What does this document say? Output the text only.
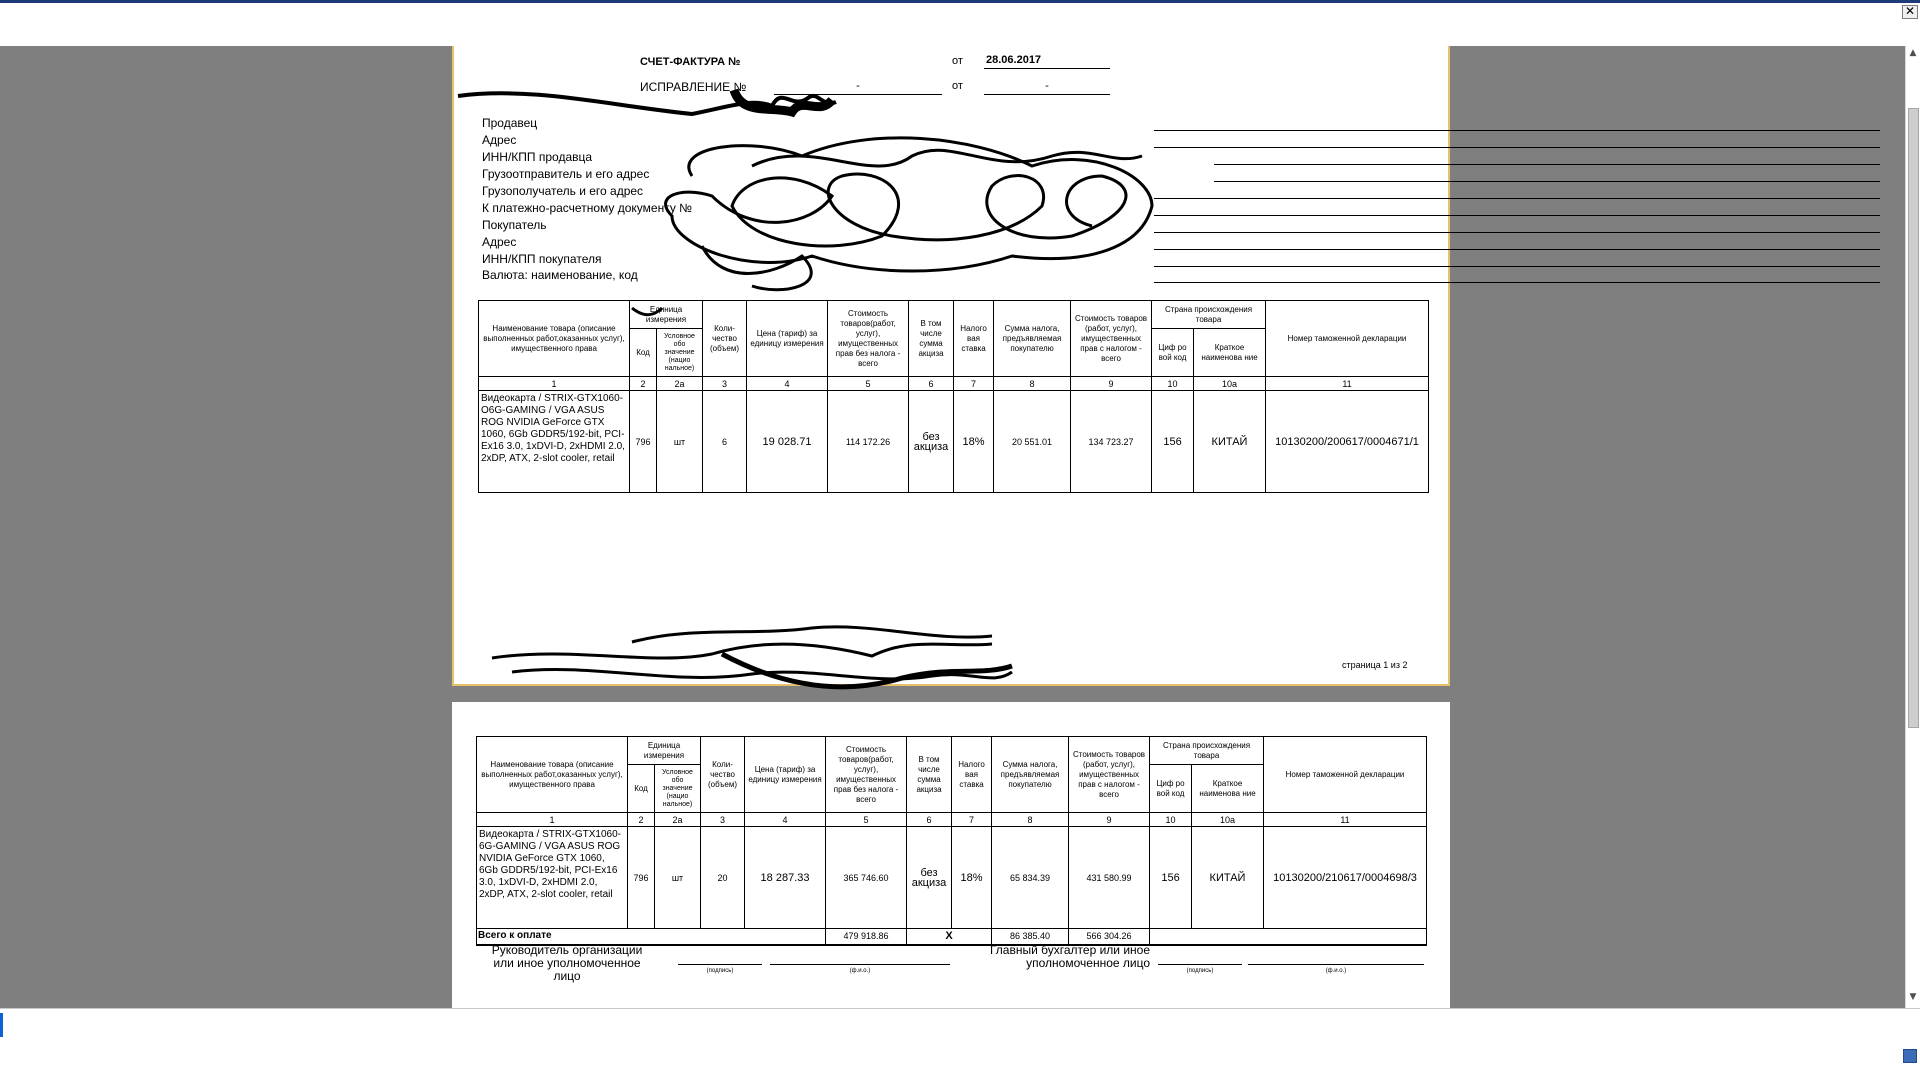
✕
СЧЕТ-ФАКТУРА №	от 28.06.2017
ИСПРАВЛЕНИЕ №	-	от	-
Продавец
Адрес
ИНН/КПП продавца
Грузоотправитель и его адрес
Грузополучатель и его адрес
К платежно-расчетному документу №
Покупатель
Адрес
ИНН/КПП покупателя
Валюта: наименование, код
Наименование товара (описание выполненных работ,оказанных услуг), имущественного права	Единица измерения		Коли-чество (объем)	Цена (тариф) за единицу измерения	Стоимость товаров(работ, услуг), имущественных прав без налога - всего	В том числе сумма акциза	Налого вая ставка	Сумма налога, предъявляемая покупателю	Стоимость товаров (работ, услуг), имущественных прав с налогом - всего	Страна происхождения товара		Номер таможенной декларации
	Код	Условное обо значение (нацио нальное)								Циф ро вой код	Краткое наименова ние	
1	2	2а	3	4	5	6	7	8	9	10	10а	11
Видеокарта / STRIX-GTX1060-O6G-GAMING / VGA ASUS ROG NVIDIA GeForce GTX 1060, 6Gb GDDR5/192-bit, PCI-Ex16 3.0, 1xDVI-D, 2xHDMI 2.0, 2xDP, ATX, 2-slot cooler, retail	796	шт	6	19 028.71	114 172.26	без акциза	18%	20 551.01	134 723.27	156	КИТАЙ	10130200/200617/0004671/1
страница 1 из 2
Наименование товара (описание выполненных работ,оказанных услуг), имущественного права	Единица измерения		Коли-чество (объем)	Цена (тариф) за единицу измерения	Стоимость товаров(работ, услуг), имущественных прав без налога - всего	В том числе сумма акциза	Налого вая ставка	Сумма налога, предъявляемая покупателю	Стоимость товаров (работ, услуг), имущественных прав с налогом - всего	Страна происхождения товара		Номер таможенной декларации
	Код	Условное обо значение (нацио нальное)								Циф ро вой код	Краткое наименова ние	
1	2	2а	3	4	5	6	7	8	9	10	10а	11
Видеокарта / STRIX-GTX1060-6G-GAMING / VGA ASUS ROG NVIDIA GeForce GTX 1060, 6Gb GDDR5/192-bit, PCI-Ex16 3.0, 1xDVI-D, 2xHDMI 2.0, 2xDP, ATX, 2-slot cooler, retail	796	шт	20	18 287.33	365 746.60	без акциза	18%	65 834.39	431 580.99	156	КИТАЙ	10130200/210617/0004698/3
Всего к оплате					479 918.86	X		86 385.40	566 304.26			
Руководитель организации или иное уполномоченное лицо	(подпись)	(ф.и.о.)
Главный бухгалтер или иное уполномоченное лицо
(подпись)	(ф.и.о.)
▲
▼
